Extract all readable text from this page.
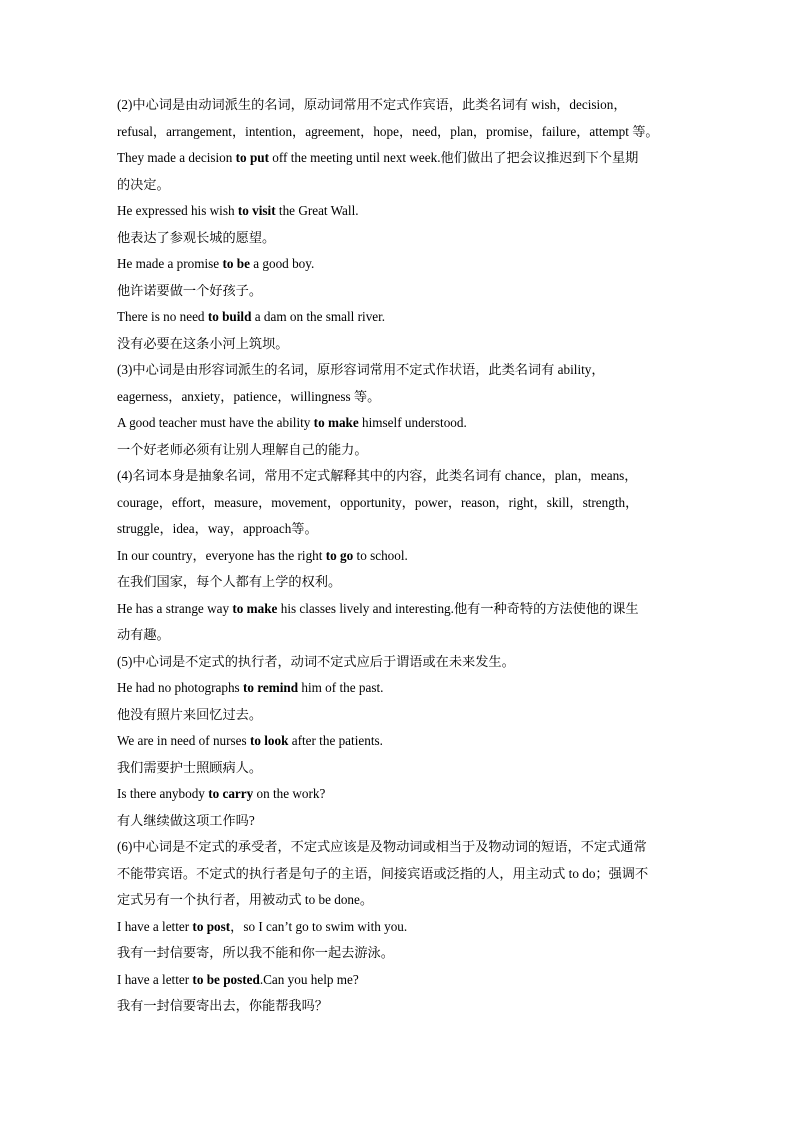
(2)中心词是由动词派生的名词，原动词常用不定式作宾语，此类名词有 wish，decision，
refusal，arrangement，intention，agreement，hope，need，plan，promise，failure，attempt 等。
They made a decision to put off the meeting until next week.他们做出了把会议推迟到下个星期
的决定。
He expressed his wish to visit the Great Wall.
他表达了参观长城的愿望。
He made a promise to be a good boy.
他许诺要做一个好孩子。
There is no need to build a dam on the small river.
没有必要在这条小河上筑坝。
(3)中心词是由形容词派生的名词，原形容词常用不定式作状语，此类名词有 ability，
eagerness，anxiety，patience，willingness 等。
A good teacher must have the ability to make himself understood.
一个好老师必须有让别人理解自己的能力。
(4)名词本身是抽象名词，常用不定式解释其中的内容，此类名词有 chance，plan，means，
courage，effort，measure，movement，opportunity，power，reason，right，skill，strength，
struggle，idea，way，approach等。
In our country，everyone has the right to go to school.
在我们国家，每个人都有上学的权利。
He has a strange way to make his classes lively and interesting.他有一种奇特的方法使他的课生
动有趣。
(5)中心词是不定式的执行者，动词不定式应后于谓语或在未来发生。
He had no photographs to remind him of the past.
他没有照片来回忆过去。
We are in need of nurses to look after the patients.
我们需要护士照顾病人。
Is there anybody to carry on the work?
有人继续做这项工作吗?
(6)中心词是不定式的承受者，不定式应该是及物动词或相当于及物动词的短语，不定式通常
不能带宾语。不定式的执行者是句子的主语，间接宾语或泛指的人，用主动式 to do；强调不
定式另有一个执行者，用被动式 to be done。
I have a letter to post，so I can’t go to swim with you.
我有一封信要寄，所以我不能和你一起去游泳。
I have a letter to be posted.Can you help me?
我有一封信要寄出去，你能帮我吗？
